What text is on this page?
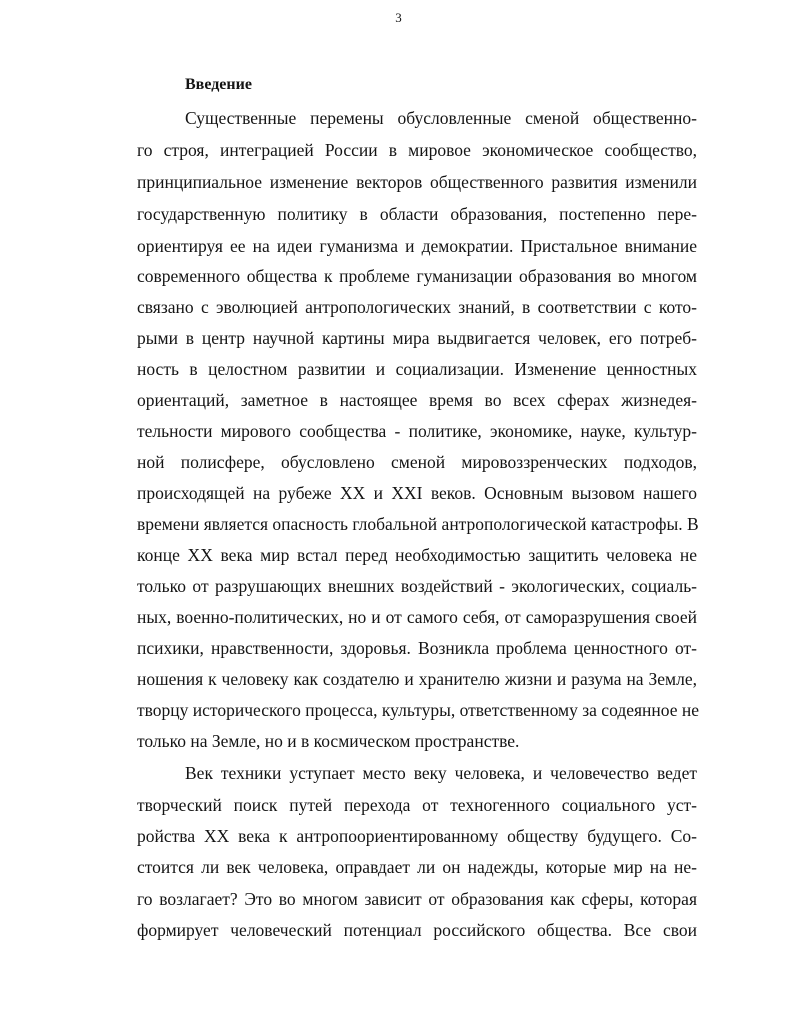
3
Введение
Существенные перемены обусловленные сменой общественно-
го строя, интеграцией России в мировое экономическое сообщество,
принципиальное изменение векторов общественного развития изменили
государственную политику в области образования, постепенно пере-
ориентируя ее на идеи гуманизма и демократии. Пристальное внимание
современного общества к проблеме гуманизации образования во многом
связано с эволюцией антропологических знаний, в соответствии с кото-
рыми в центр научной картины мира выдвигается человек, его потреб-
ность в целостном развитии и социализации. Изменение ценностных
ориентаций, заметное в настоящее время во всех сферах жизнедея-
тельности мирового сообщества - политике, экономике, науке, культур-
ной полисфере, обусловлено сменой мировоззренческих подходов,
происходящей на рубеже XX и XXI веков. Основным вызовом нашего
времени является опасность глобальной антропологической катастрофы. В
конце XX века мир встал перед необходимостью защитить человека не
только от разрушающих внешних воздействий - экологических, социаль-
ных, военно-политических, но и от самого себя, от саморазрушения своей
психики, нравственности, здоровья. Возникла проблема ценностного от-
ношения к человеку как создателю и хранителю жизни и разума на Земле,
творцу исторического процесса, культуры, ответственному за содеянное не
только на Земле, но и в космическом пространстве.
Век техники уступает место веку человека, и человечество ведет
творческий поиск путей перехода от техногенного социального уст-
ройства XX века к антропоориентированному обществу будущего. Со-
стоится ли век человека, оправдает ли он надежды, которые мир на не-
го возлагает? Это во многом зависит от образования как сферы, которая
формирует человеческий потенциал российского общества. Все свои
